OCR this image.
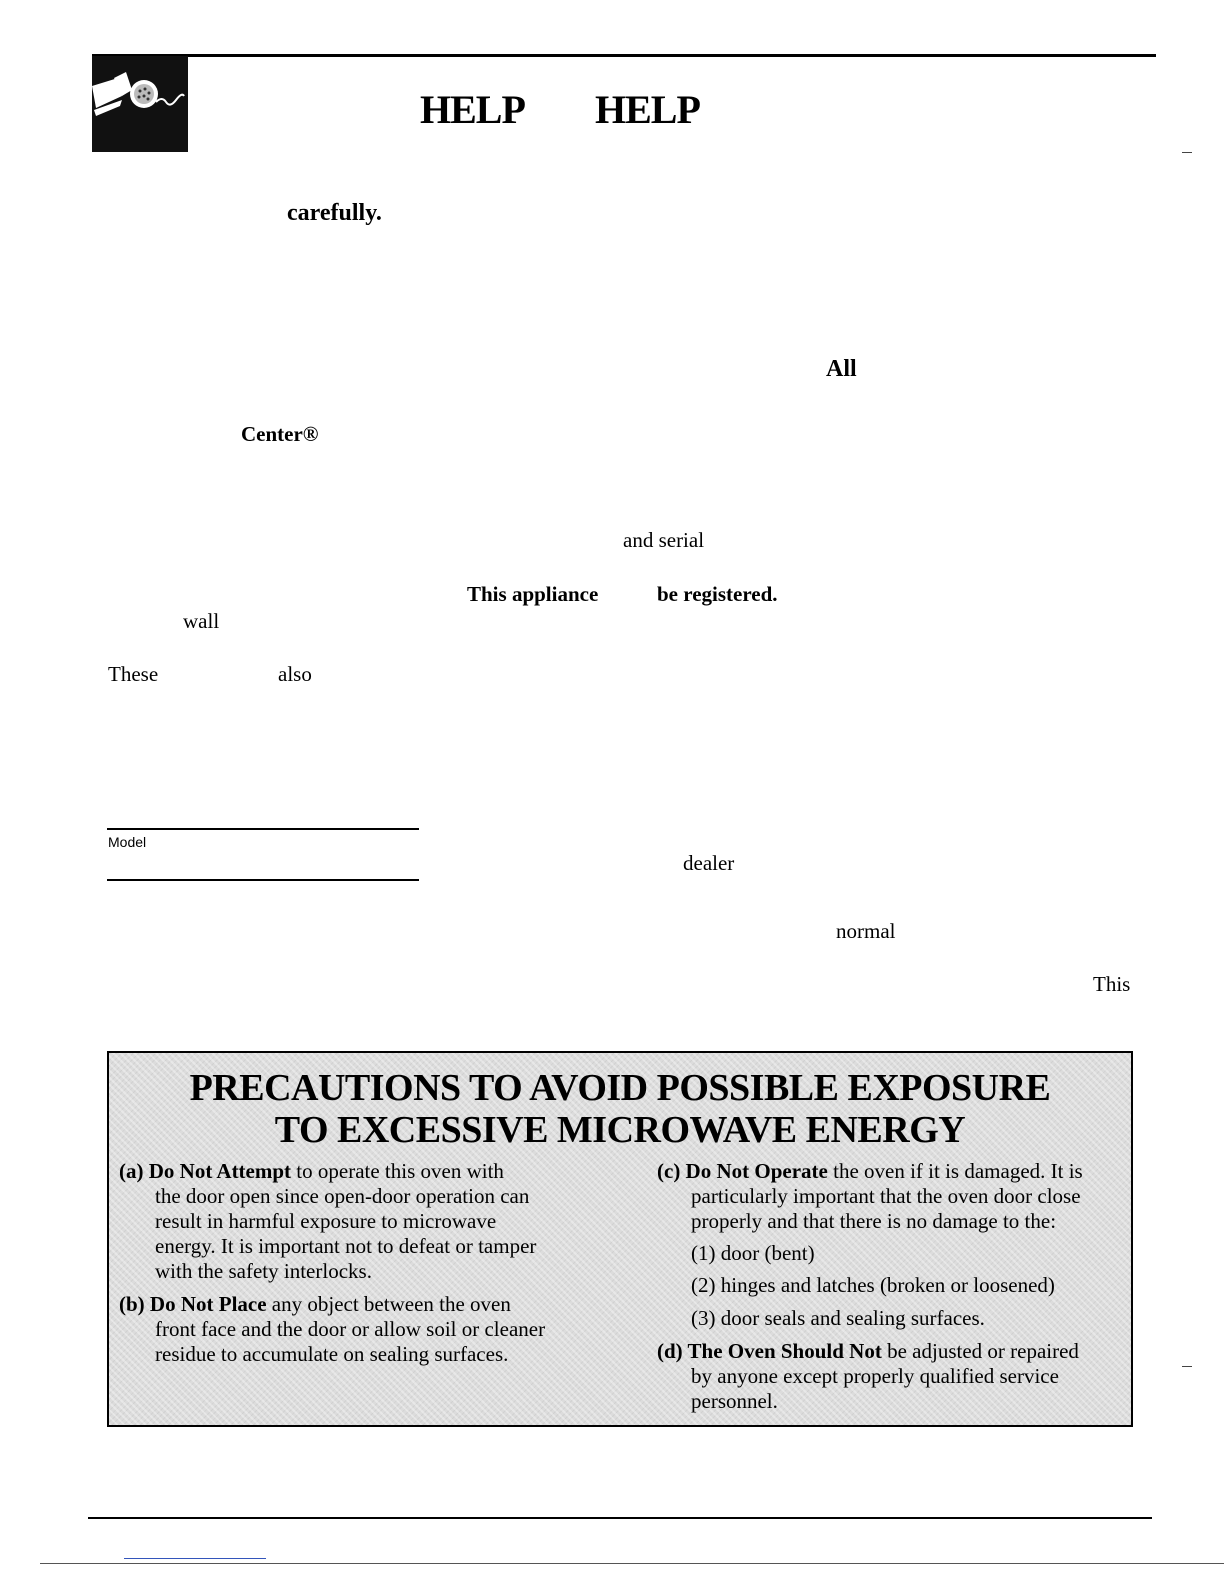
HELP HELP
carefully.
All
Center®
and serial
This appliance	be registered.
wall
These	also
Model
dealer
normal
This
PRECAUTIONS TO AVOID POSSIBLE EXPOSURE
TO EXCESSIVE MICROWAVE ENERGY
(a) Do Not Attempt to operate this oven with
the door open since open-door operation can
result in harmful exposure to microwave
energy. It is important not to defeat or tamper
with the safety interlocks.
(b) Do Not Place any object between the oven
front face and the door or allow soil or cleaner
residue to accumulate on sealing surfaces.
(c) Do Not Operate the oven if it is damaged. It is
particularly important that the oven door close
properly and that there is no damage to the:
(1) door (bent)
(2) hinges and latches (broken or loosened)
(3) door seals and sealing surfaces.
(d) The Oven Should Not be adjusted or repaired
by anyone except properly qualified service
personnel.
